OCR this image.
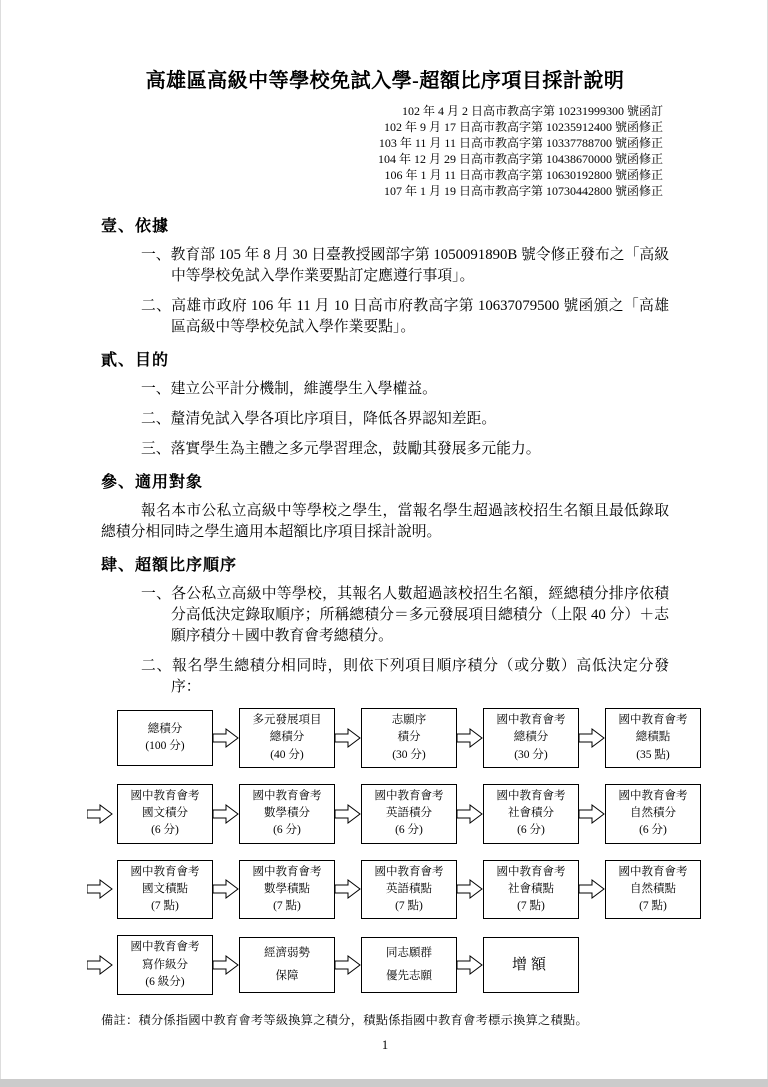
高雄區高級中等學校免試入學-超額比序項目採計說明
102 年 4 月 2 日高市教高字第 10231999300 號函訂
102 年 9 月 17 日高市教高字第 10235912400 號函修正
103 年 11 月 11 日高市教高字第 10337788700 號函修正
104 年 12 月 29 日高市教高字第 10438670000 號函修正
106 年 1 月 11 日高市教高字第 10630192800 號函修正
107 年 1 月 19 日高市教高字第 10730442800 號函修正
壹、依據
一、教育部 105 年 8 月 30 日臺教授國部字第 1050091890B 號令修正發布之「高級中等學校免試入學作業要點訂定應遵行事項」。
二、高雄市政府 106 年 11 月 10 日高市府教高字第 10637079500 號函頒之「高雄區高級中等學校免試入學作業要點」。
貳、目的
一、建立公平計分機制，維護學生入學權益。
二、釐清免試入學各項比序項目，降低各界認知差距。
三、落實學生為主體之多元學習理念，鼓勵其發展多元能力。
參、適用對象
報名本市公私立高級中等學校之學生，當報名學生超過該校招生名額且最低錄取總積分相同時之學生適用本超額比序項目採計說明。
肆、超額比序順序
一、各公私立高級中等學校，其報名人數超過該校招生名額，經總積分排序依積分高低決定錄取順序；所稱總積分＝多元發展項目總積分（上限 40 分）＋志願序積分＋國中教育會考總積分。
二、報名學生總積分相同時，則依下列項目順序積分（或分數）高低決定分發序：
總積分
(100 分)
多元發展項目
總積分
(40 分)
志願序
積分
(30 分)
國中教育會考
總積分
(30 分)
國中教育會考
總積點
(35 點)
國中教育會考
國文積分
(6 分)
國中教育會考
數學積分
(6 分)
國中教育會考
英語積分
(6 分)
國中教育會考
社會積分
(6 分)
國中教育會考
自然積分
(6 分)
國中教育會考
國文積點
(7 點)
國中教育會考
數學積點
(7 點)
國中教育會考
英語積點
(7 點)
國中教育會考
社會積點
(7 點)
國中教育會考
自然積點
(7 點)
國中教育會考
寫作級分
(6 級分)
經濟弱勢
保障
同志願群
優先志願
增額
備註：積分係指國中教育會考等級換算之積分，積點係指國中教育會考標示換算之積點。
1
